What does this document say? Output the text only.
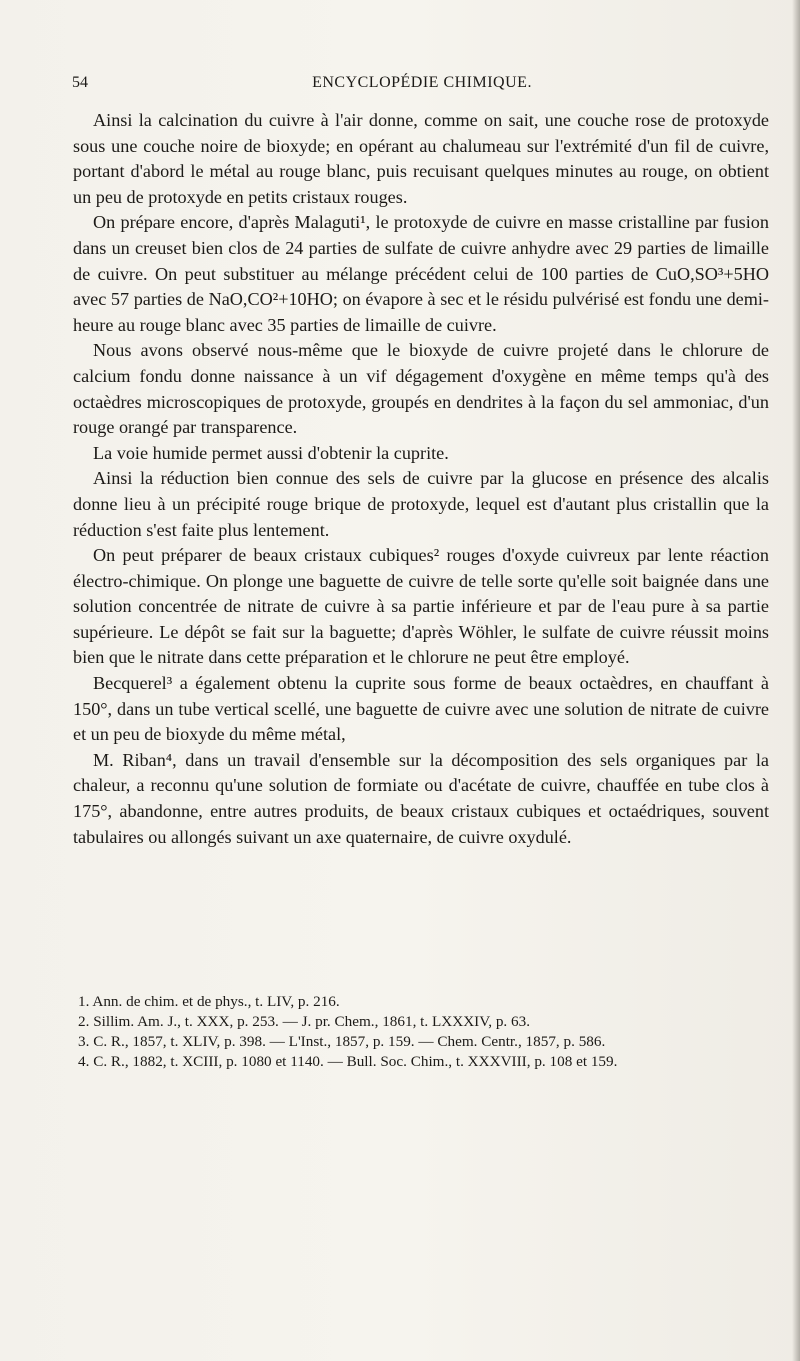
54	ENCYCLOPÉDIE CHIMIQUE.

Ainsi la calcination du cuivre à l'air donne, comme on sait, une couche rose de protoxyde sous une couche noire de bioxyde; en opérant au chalumeau sur l'extrémité d'un fil de cuivre, portant d'abord le métal au rouge blanc, puis recuisant quelques minutes au rouge, on obtient un peu de protoxyde en petits cristaux rouges.

On prépare encore, d'après Malaguti¹, le protoxyde de cuivre en masse cristalline par fusion dans un creuset bien clos de 24 parties de sulfate de cuivre anhydre avec 29 parties de limaille de cuivre. On peut substituer au mélange précédent celui de 100 parties de CuO,SO³+5HO avec 57 parties de NaO,CO²+10HO; on évapore à sec et le résidu pulvérisé est fondu une demi-heure au rouge blanc avec 35 parties de limaille de cuivre.

Nous avons observé nous-même que le bioxyde de cuivre projeté dans le chlorure de calcium fondu donne naissance à un vif dégagement d'oxygène en même temps qu'à des octaèdres microscopiques de protoxyde, groupés en dendrites à la façon du sel ammoniac, d'un rouge orangé par transparence.

La voie humide permet aussi d'obtenir la cuprite.

Ainsi la réduction bien connue des sels de cuivre par la glucose en présence des alcalis donne lieu à un précipité rouge brique de protoxyde, lequel est d'autant plus cristallin que la réduction s'est faite plus lentement.

On peut préparer de beaux cristaux cubiques² rouges d'oxyde cuivreux par lente réaction électro-chimique. On plonge une baguette de cuivre de telle sorte qu'elle soit baignée dans une solution concentrée de nitrate de cuivre à sa partie inférieure et par de l'eau pure à sa partie supérieure. Le dépôt se fait sur la baguette; d'après Wöhler, le sulfate de cuivre réussit moins bien que le nitrate dans cette préparation et le chlorure ne peut être employé.

Becquerel³ a également obtenu la cuprite sous forme de beaux octaèdres, en chauffant à 150°, dans un tube vertical scellé, une baguette de cuivre avec une solution de nitrate de cuivre et un peu de bioxyde du même métal,

M. Riban⁴, dans un travail d'ensemble sur la décomposition des sels organiques par la chaleur, a reconnu qu'une solution de formiate ou d'acétate de cuivre, chauffée en tube clos à 175°, abandonne, entre autres produits, de beaux cristaux cubiques et octaédriques, souvent tabulaires ou allongés suivant un axe quaternaire, de cuivre oxydulé.

1. Ann. de chim. et de phys., t. LIV, p. 216.

2. Sillim. Am. J., t. XXX, p. 253. — J. pr. Chem., 1861, t. LXXXIV, p. 63.

3. C. R., 1857, t. XLIV, p. 398. — L'Inst., 1857, p. 159. — Chem. Centr., 1857, p. 586.

4. C. R., 1882, t. XCIII, p. 1080 et 1140. — Bull. Soc. Chim., t. XXXVIII, p. 108 et 159.
